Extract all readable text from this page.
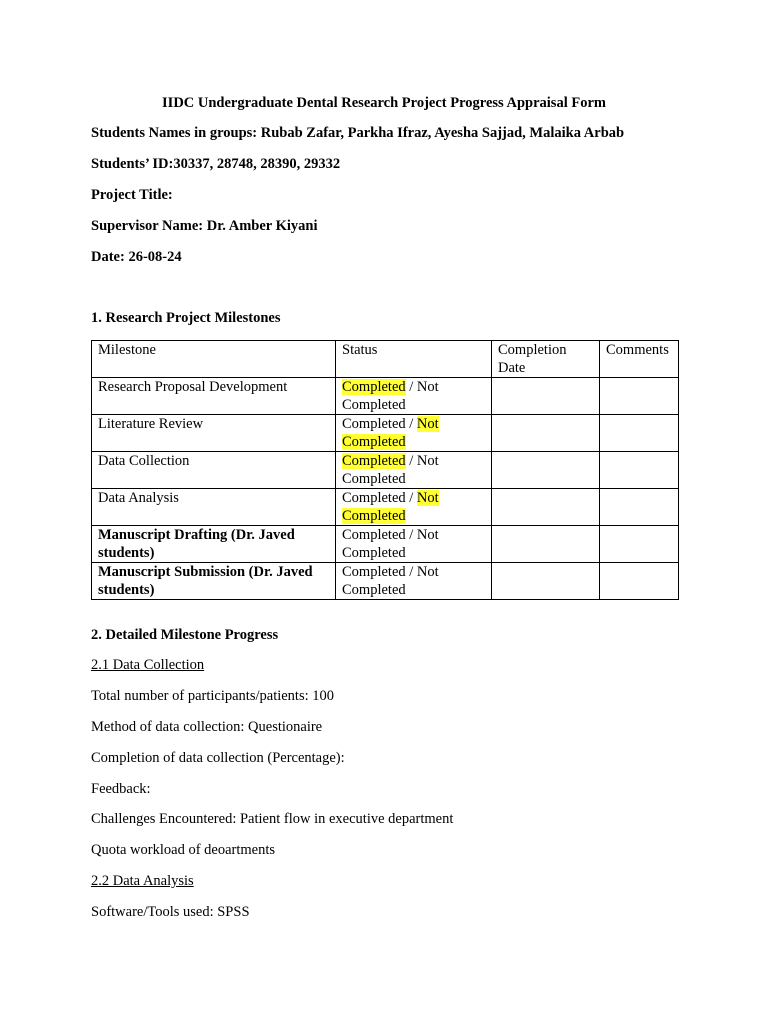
IIDC Undergraduate Dental Research Project Progress Appraisal Form
Students Names in groups: Rubab Zafar, Parkha Ifraz, Ayesha Sajjad, Malaika Arbab
Students’ ID:30337, 28748, 28390, 29332
Project Title:
Supervisor Name: Dr. Amber Kiyani
Date: 26-08-24
1. Research Project Milestones
Milestone	Status	Completion Date	Comments
Research Proposal Development	Completed / Not
Completed		
Literature Review	Completed / Not
Completed		
Data Collection	Completed / Not
Completed		
Data Analysis	Completed / Not
Completed		
Manuscript Drafting (Dr. Javed students)	Completed / Not
Completed		
Manuscript Submission (Dr. Javed students)	Completed / Not
Completed		
2. Detailed Milestone Progress
2.1 Data Collection
Total number of participants/patients: 100
Method of data collection: Questionaire
Completion of data collection (Percentage):
Feedback:
Challenges Encountered: Patient flow in executive department
Quota workload of deoartments
2.2 Data Analysis
Software/Tools used: SPSS
